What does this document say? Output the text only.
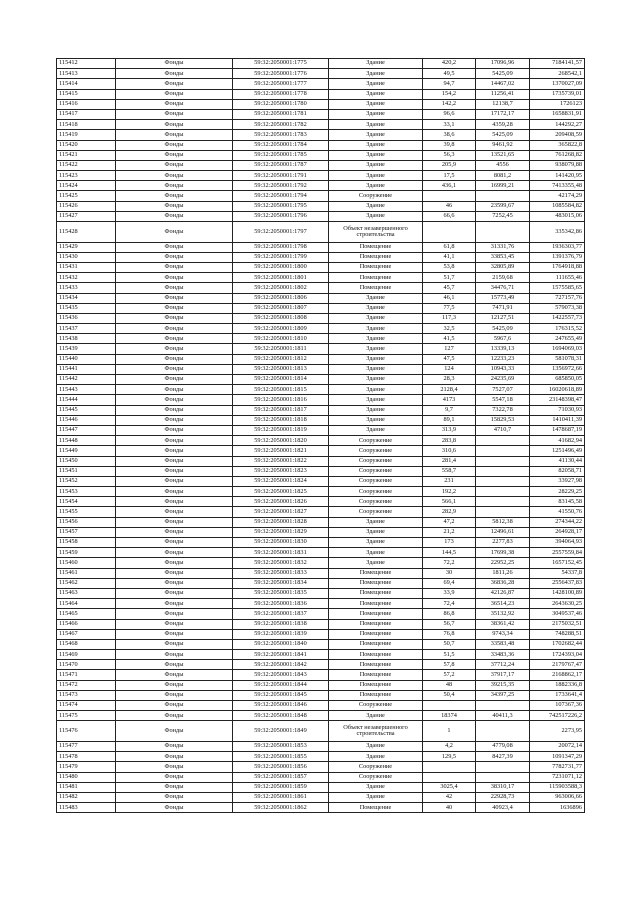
115412	Фонды	59:32:2050001:1775	Здание	420,2	17096,96	7184141,57
115413	Фонды	59:32:2050001:1776	Здание	49,5	5425,09	268542,1
115414	Фонды	59:32:2050001:1777	Здание	94,7	14467,02	1370027,09
115415	Фонды	59:32:2050001:1778	Здание	154,2	11256,41	1735739,01
115416	Фонды	59:32:2050001:1780	Здание	142,2	12138,7	1726123
115417	Фонды	59:32:2050001:1781	Здание	96,6	17172,17	1658831,91
115418	Фонды	59:32:2050001:1782	Здание	33,1	4359,28	144292,27
115419	Фонды	59:32:2050001:1783	Здание	38,6	5425,09	209408,59
115420	Фонды	59:32:2050001:1784	Здание	39,8	9461,92	365822,8
115421	Фонды	59:32:2050001:1785	Здание	56,3	13521,65	761268,82
115422	Фонды	59:32:2050001:1787	Здание	205,9	4556	938079,88
115423	Фонды	59:32:2050001:1791	Здание	17,5	8081,2	141420,95
115424	Фонды	59:32:2050001:1792	Здание	436,1	16999,21	7413355,48
115425	Фонды	59:32:2050001:1794	Сооружение			42174,29
115426	Фонды	59:32:2050001:1795	Здание	46	23599,67	1085584,82
115427	Фонды	59:32:2050001:1796	Здание	66,6	7252,45	483015,06
115428	Фонды	59:32:2050001:1797	Объект незавершенного строительства			335342,86
115429	Фонды	59:32:2050001:1798	Помещение	61,8	31331,76	1936303,77
115430	Фонды	59:32:2050001:1799	Помещение	41,1	33853,45	1391376,79
115431	Фонды	59:32:2050001:1800	Помещение	53,8	32805,89	1764918,88
115432	Фонды	59:32:2050001:1801	Помещение	51,7	2159,68	111655,46
115433	Фонды	59:32:2050001:1802	Помещение	45,7	34476,71	1575585,65
115434	Фонды	59:32:2050001:1806	Здание	46,1	15773,49	727157,76
115435	Фонды	59:32:2050001:1807	Здание	77,5	7471,91	579073,38
115436	Фонды	59:32:2050001:1808	Здание	117,3	12127,51	1422557,73
115437	Фонды	59:32:2050001:1809	Здание	32,5	5425,09	176315,52
115438	Фонды	59:32:2050001:1810	Здание	41,5	5967,6	247655,49
115439	Фонды	59:32:2050001:1811	Здание	127	13339,13	1694069,03
115440	Фонды	59:32:2050001:1812	Здание	47,5	12233,23	581078,31
115441	Фонды	59:32:2050001:1813	Здание	124	10943,33	1356972,66
115442	Фонды	59:32:2050001:1814	Здание	28,3	24235,69	685850,05
115443	Фонды	59:32:2050001:1815	Здание	2128,4	7527,07	16020618,89
115444	Фонды	59:32:2050001:1816	Здание	4173	5547,18	23148398,47
115445	Фонды	59:32:2050001:1817	Здание	9,7	7322,78	71030,93
115446	Фонды	59:32:2050001:1818	Здание	89,1	15829,53	1410411,39
115447	Фонды	59:32:2050001:1819	Здание	313,9	4710,7	1478687,19
115448	Фонды	59:32:2050001:1820	Сооружение	283,8		41682,94
115449	Фонды	59:32:2050001:1821	Сооружение	310,6		1251496,49
115450	Фонды	59:32:2050001:1822	Сооружение	281,4		41130,44
115451	Фонды	59:32:2050001:1823	Сооружение	558,7		82058,71
115452	Фонды	59:32:2050001:1824	Сооружение	231		33927,98
115453	Фонды	59:32:2050001:1825	Сооружение	192,2		28229,25
115454	Фонды	59:32:2050001:1826	Сооружение	566,1		83145,58
115455	Фонды	59:32:2050001:1827	Сооружение	282,9		41550,76
115456	Фонды	59:32:2050001:1828	Здание	47,2	5812,38	274344,22
115457	Фонды	59:32:2050001:1829	Здание	21,2	12496,61	264928,17
115458	Фонды	59:32:2050001:1830	Здание	173	2277,83	394064,93
115459	Фонды	59:32:2050001:1831	Здание	144,5	17699,38	2557559,84
115460	Фонды	59:32:2050001:1832	Здание	72,2	22952,25	1657152,45
115461	Фонды	59:32:2050001:1833	Помещение	30	1811,26	54337,8
115462	Фонды	59:32:2050001:1834	Помещение	69,4	36836,28	2556437,83
115463	Фонды	59:32:2050001:1835	Помещение	33,9	42126,87	1428100,89
115464	Фонды	59:32:2050001:1836	Помещение	72,4	36514,23	2643630,25
115465	Фонды	59:32:2050001:1837	Помещение	86,8	35132,92	3049537,46
115466	Фонды	59:32:2050001:1838	Помещение	56,7	38361,42	2175032,51
115467	Фонды	59:32:2050001:1839	Помещение	76,8	9743,34	748288,51
115468	Фонды	59:32:2050001:1840	Помещение	50,7	33583,48	1702682,44
115469	Фонды	59:32:2050001:1841	Помещение	51,5	33483,36	1724393,04
115470	Фонды	59:32:2050001:1842	Помещение	57,8	37712,24	2179767,47
115471	Фонды	59:32:2050001:1843	Помещение	57,2	37917,17	2168862,17
115472	Фонды	59:32:2050001:1844	Помещение	48	39215,35	1882336,8
115473	Фонды	59:32:2050001:1845	Помещение	50,4	34397,25	1733641,4
115474	Фонды	59:32:2050001:1846	Сооружение			107367,36
115475	Фонды	59:32:2050001:1848	Здание	18374	40411,3	742517226,2
115476	Фонды	59:32:2050001:1849	Объект незавершенного строительства	1		2273,95
115477	Фонды	59:32:2050001:1853	Здание	4,2	4779,08	20072,14
115478	Фонды	59:32:2050001:1855	Здание	129,5	8427,39	1091347,29
115479	Фонды	59:32:2050001:1856	Сооружение			7782731,77
115480	Фонды	59:32:2050001:1857	Сооружение			7231071,12
115481	Фонды	59:32:2050001:1859	Здание	3025,4	38310,17	115903588,3
115482	Фонды	59:32:2050001:1861	Здание	42	22928,73	963006,66
115483	Фонды	59:32:2050001:1862	Помещение	40	40923,4	1636896
